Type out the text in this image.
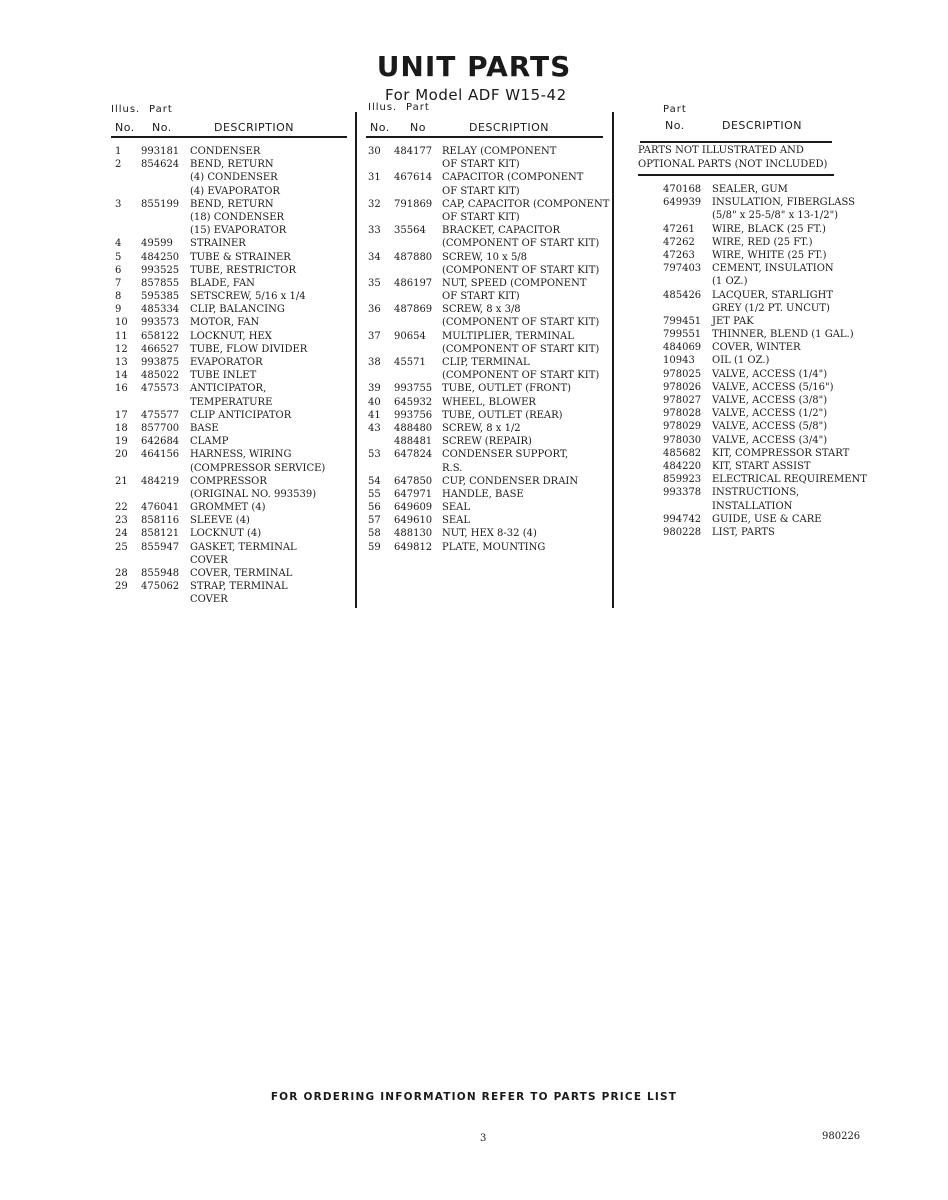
UNIT PARTS
For Model ADF W15-42
Illus. Part
No. No.	DESCRIPTION
Illus. Part
No. No	DESCRIPTION
Part
No.	DESCRIPTION
PARTS NOT ILLUSTRATED AND
OPTIONAL PARTS (NOT INCLUDED)
1 993181 CONDENSER
2 854624 BEND, RETURN
(4) CONDENSER
(4) EVAPORATOR
3 855199 BEND, RETURN
(18) CONDENSER
(15) EVAPORATOR
4 49599 STRAINER
5 484250 TUBE & STRAINER
6 993525 TUBE, RESTRICTOR
7 857855 BLADE, FAN
8 595385 SETSCREW, 5/16 x 1/4
9 485334 CLIP, BALANCING
10 993573 MOTOR, FAN
11 658122 LOCKNUT, HEX
12 466527 TUBE, FLOW DIVIDER
13 993875 EVAPORATOR
14 485022 TUBE INLET
16 475573 ANTICIPATOR,
TEMPERATURE
17 475577 CLIP ANTICIPATOR
18 857700 BASE
19 642684 CLAMP
20 464156 HARNESS, WIRING
(COMPRESSOR SERVICE)
21 484219 COMPRESSOR
(ORIGINAL NO. 993539)
22 476041 GROMMET (4)
23 858116 SLEEVE (4)
24 858121 LOCKNUT (4)
25 855947 GASKET, TERMINAL
COVER
28 855948 COVER, TERMINAL
29 475062 STRAP, TERMINAL
COVER
30 484177 RELAY (COMPONENT
OF START KIT)
31 467614 CAPACITOR (COMPONENT
OF START KIT)
32 791869 CAP, CAPACITOR (COMPONENT
OF START KIT)
33 35564 BRACKET, CAPACITOR
(COMPONENT OF START KIT)
34 487880 SCREW, 10 x 5/8
(COMPONENT OF START KIT)
35 486197 NUT, SPEED (COMPONENT
OF START KIT)
36 487869 SCREW, 8 x 3/8
(COMPONENT OF START KIT)
37 90654 MULTIPLIER, TERMINAL
(COMPONENT OF START KIT)
38 45571 CLIP, TERMINAL
(COMPONENT OF START KIT)
39 993755 TUBE, OUTLET (FRONT)
40 645932 WHEEL, BLOWER
41 993756 TUBE, OUTLET (REAR)
43 488480 SCREW, 8 x 1/2
488481 SCREW (REPAIR)
53 647824 CONDENSER SUPPORT,
R.S.
54 647850 CUP, CONDENSER DRAIN
55 647971 HANDLE, BASE
56 649609 SEAL
57 649610 SEAL
58 488130 NUT, HEX 8-32 (4)
59 649812 PLATE, MOUNTING
470168 SEALER, GUM
649939 INSULATION, FIBERGLASS
(5/8" x 25-5/8" x 13-1/2")
47261 WIRE, BLACK (25 FT.)
47262 WIRE, RED (25 FT.)
47263 WIRE, WHITE (25 FT.)
797403 CEMENT, INSULATION
(1 OZ.)
485426 LACQUER, STARLIGHT
GREY (1/2 PT. UNCUT)
799451 JET PAK
799551 THINNER, BLEND (1 GAL.)
484069 COVER, WINTER
10943 OIL (1 OZ.)
978025 VALVE, ACCESS (1/4")
978026 VALVE, ACCESS (5/16")
978027 VALVE, ACCESS (3/8")
978028 VALVE, ACCESS (1/2")
978029 VALVE, ACCESS (5/8")
978030 VALVE, ACCESS (3/4")
485682 KIT, COMPRESSOR START
484220 KIT, START ASSIST
859923 ELECTRICAL REQUIREMENT
993378 INSTRUCTIONS,
INSTALLATION
994742 GUIDE, USE & CARE
980228 LIST, PARTS
FOR ORDERING INFORMATION REFER TO PARTS PRICE LIST
3	980226
